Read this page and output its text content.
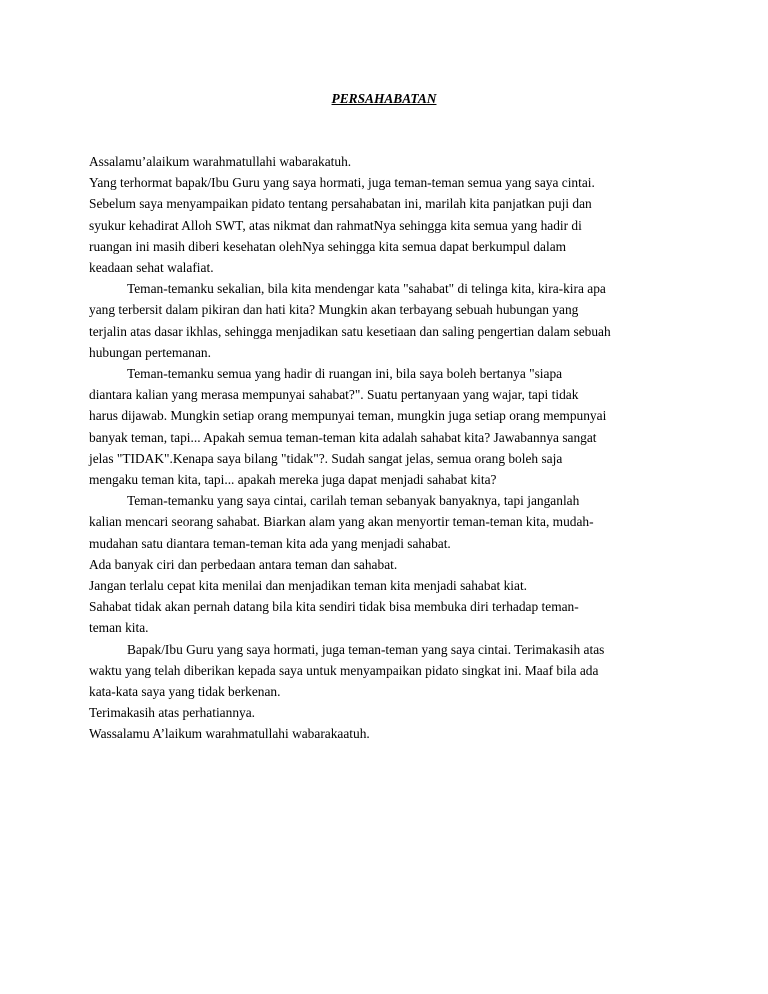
PERSAHABATAN

Assalamu’alaikum warahmatullahi wabarakatuh.

Yang terhormat bapak/Ibu Guru yang saya hormati, juga teman-teman semua yang saya cintai.

Sebelum saya menyampaikan pidato tentang persahabatan ini, marilah kita panjatkan puji dan

syukur kehadirat Alloh SWT, atas nikmat dan rahmatNya sehingga kita semua yang hadir di

ruangan ini masih diberi kesehatan olehNya sehingga kita semua dapat berkumpul dalam

keadaan sehat walafiat.

Teman-temanku sekalian, bila kita mendengar kata "sahabat" di telinga kita, kira-kira apa

yang terbersit dalam pikiran dan hati kita? Mungkin akan terbayang sebuah hubungan yang

terjalin atas dasar ikhlas, sehingga menjadikan satu kesetiaan dan saling pengertian dalam sebuah

hubungan pertemanan.

Teman-temanku semua yang hadir di ruangan ini, bila saya boleh bertanya "siapa

diantara kalian yang merasa mempunyai sahabat?". Suatu pertanyaan yang wajar, tapi tidak

harus dijawab. Mungkin setiap orang mempunyai teman, mungkin juga setiap orang mempunyai

banyak teman, tapi... Apakah semua teman-teman kita adalah sahabat kita? Jawabannya sangat

jelas "TIDAK".Kenapa saya bilang "tidak"?. Sudah sangat jelas, semua orang boleh saja

mengaku teman kita, tapi... apakah mereka juga dapat menjadi sahabat kita?

Teman-temanku yang saya cintai, carilah teman sebanyak banyaknya, tapi janganlah

kalian mencari seorang sahabat. Biarkan alam yang akan menyortir teman-teman kita, mudah-

mudahan satu diantara teman-teman kita ada yang menjadi sahabat.

Ada banyak ciri dan perbedaan antara teman dan sahabat.

Jangan terlalu cepat kita menilai dan menjadikan teman kita menjadi sahabat kiat.

Sahabat tidak akan pernah datang bila kita sendiri tidak bisa membuka diri terhadap teman-

teman kita.

Bapak/Ibu Guru yang saya hormati, juga teman-teman yang saya cintai. Terimakasih atas

waktu yang telah diberikan kepada saya untuk menyampaikan pidato singkat ini. Maaf bila ada

kata-kata saya yang tidak berkenan.

Terimakasih atas perhatiannya.

Wassalamu A’laikum warahmatullahi wabarakaatuh.
